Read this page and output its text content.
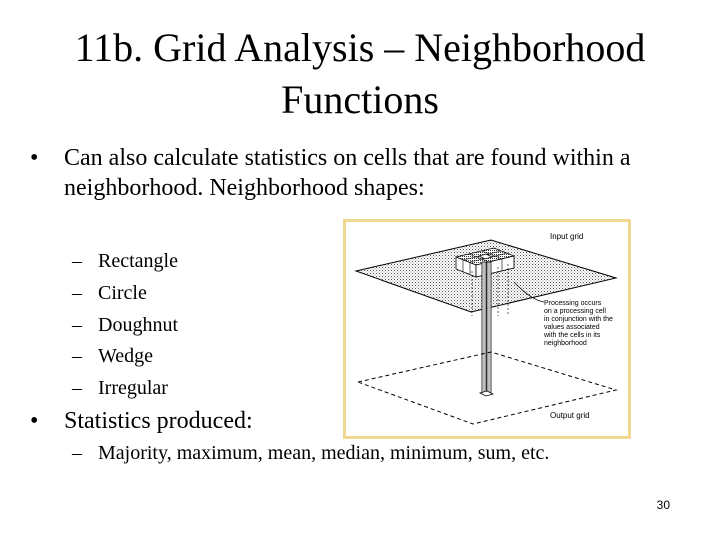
11b. Grid Analysis – Neighborhood
Functions
• Can also calculate statistics on cells that are found within a neighborhood. Neighborhood shapes:
– Rectangle
– Circle
– Doughnut
– Wedge
– Irregular
• Statistics produced:
– Majority, maximum, mean, median, minimum, sum, etc.
Input grid
Output grid
Processing occurs
on a processing cell
in conjunction with the
values associated
with the cells in its
neighborhood
30
